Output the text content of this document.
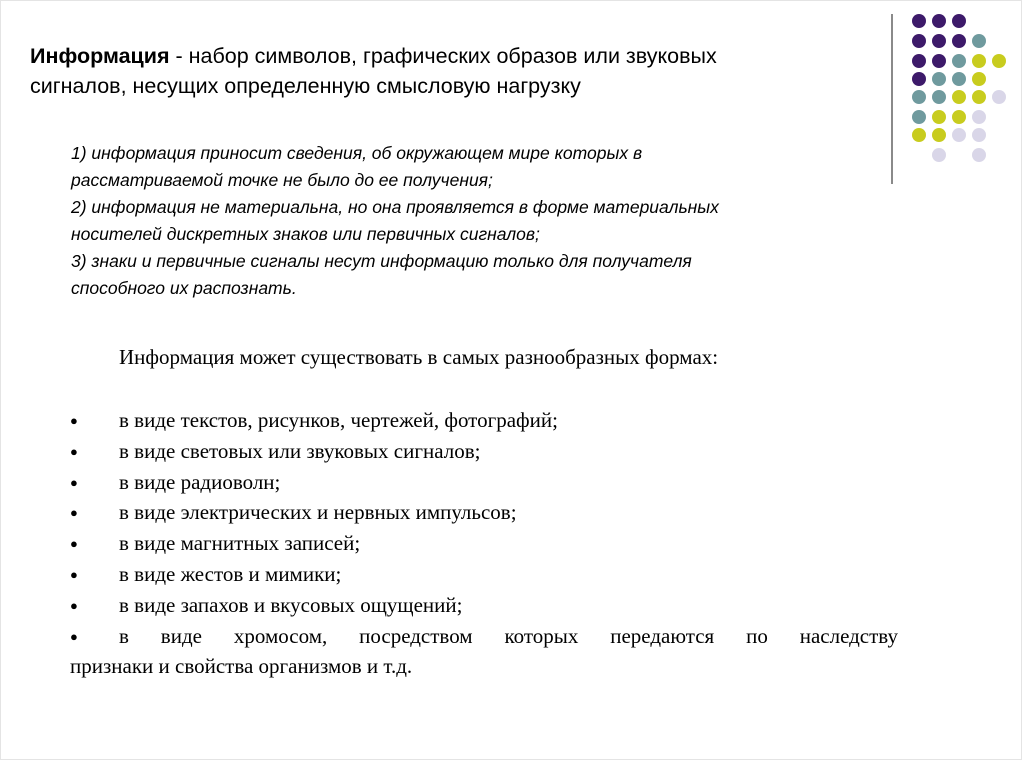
Информация - набор символов, графических образов или звуковых
сигналов, несущих определенную смысловую нагрузку
1) информация приносит сведения, об окружающем мире которых в
рассматриваемой точке не было до ее получения;
2) информация не материальна, но она проявляется в форме материальных
носителей дискретных знаков или первичных сигналов;
3) знаки и первичные сигналы несут информацию только для получателя
способного их распознать.
Информация может существовать в самых разнообразных формах:
● в виде текстов, рисунков, чертежей, фотографий;
● в виде световых или звуковых сигналов;
● в виде радиоволн;
● в виде электрических и нервных импульсов;
● в виде магнитных записей;
● в виде жестов и мимики;
● в виде запахов и вкусовых ощущений;
● в виде хромосом, посредством которых передаются по наследству
признаки и свойства организмов и т.д.
